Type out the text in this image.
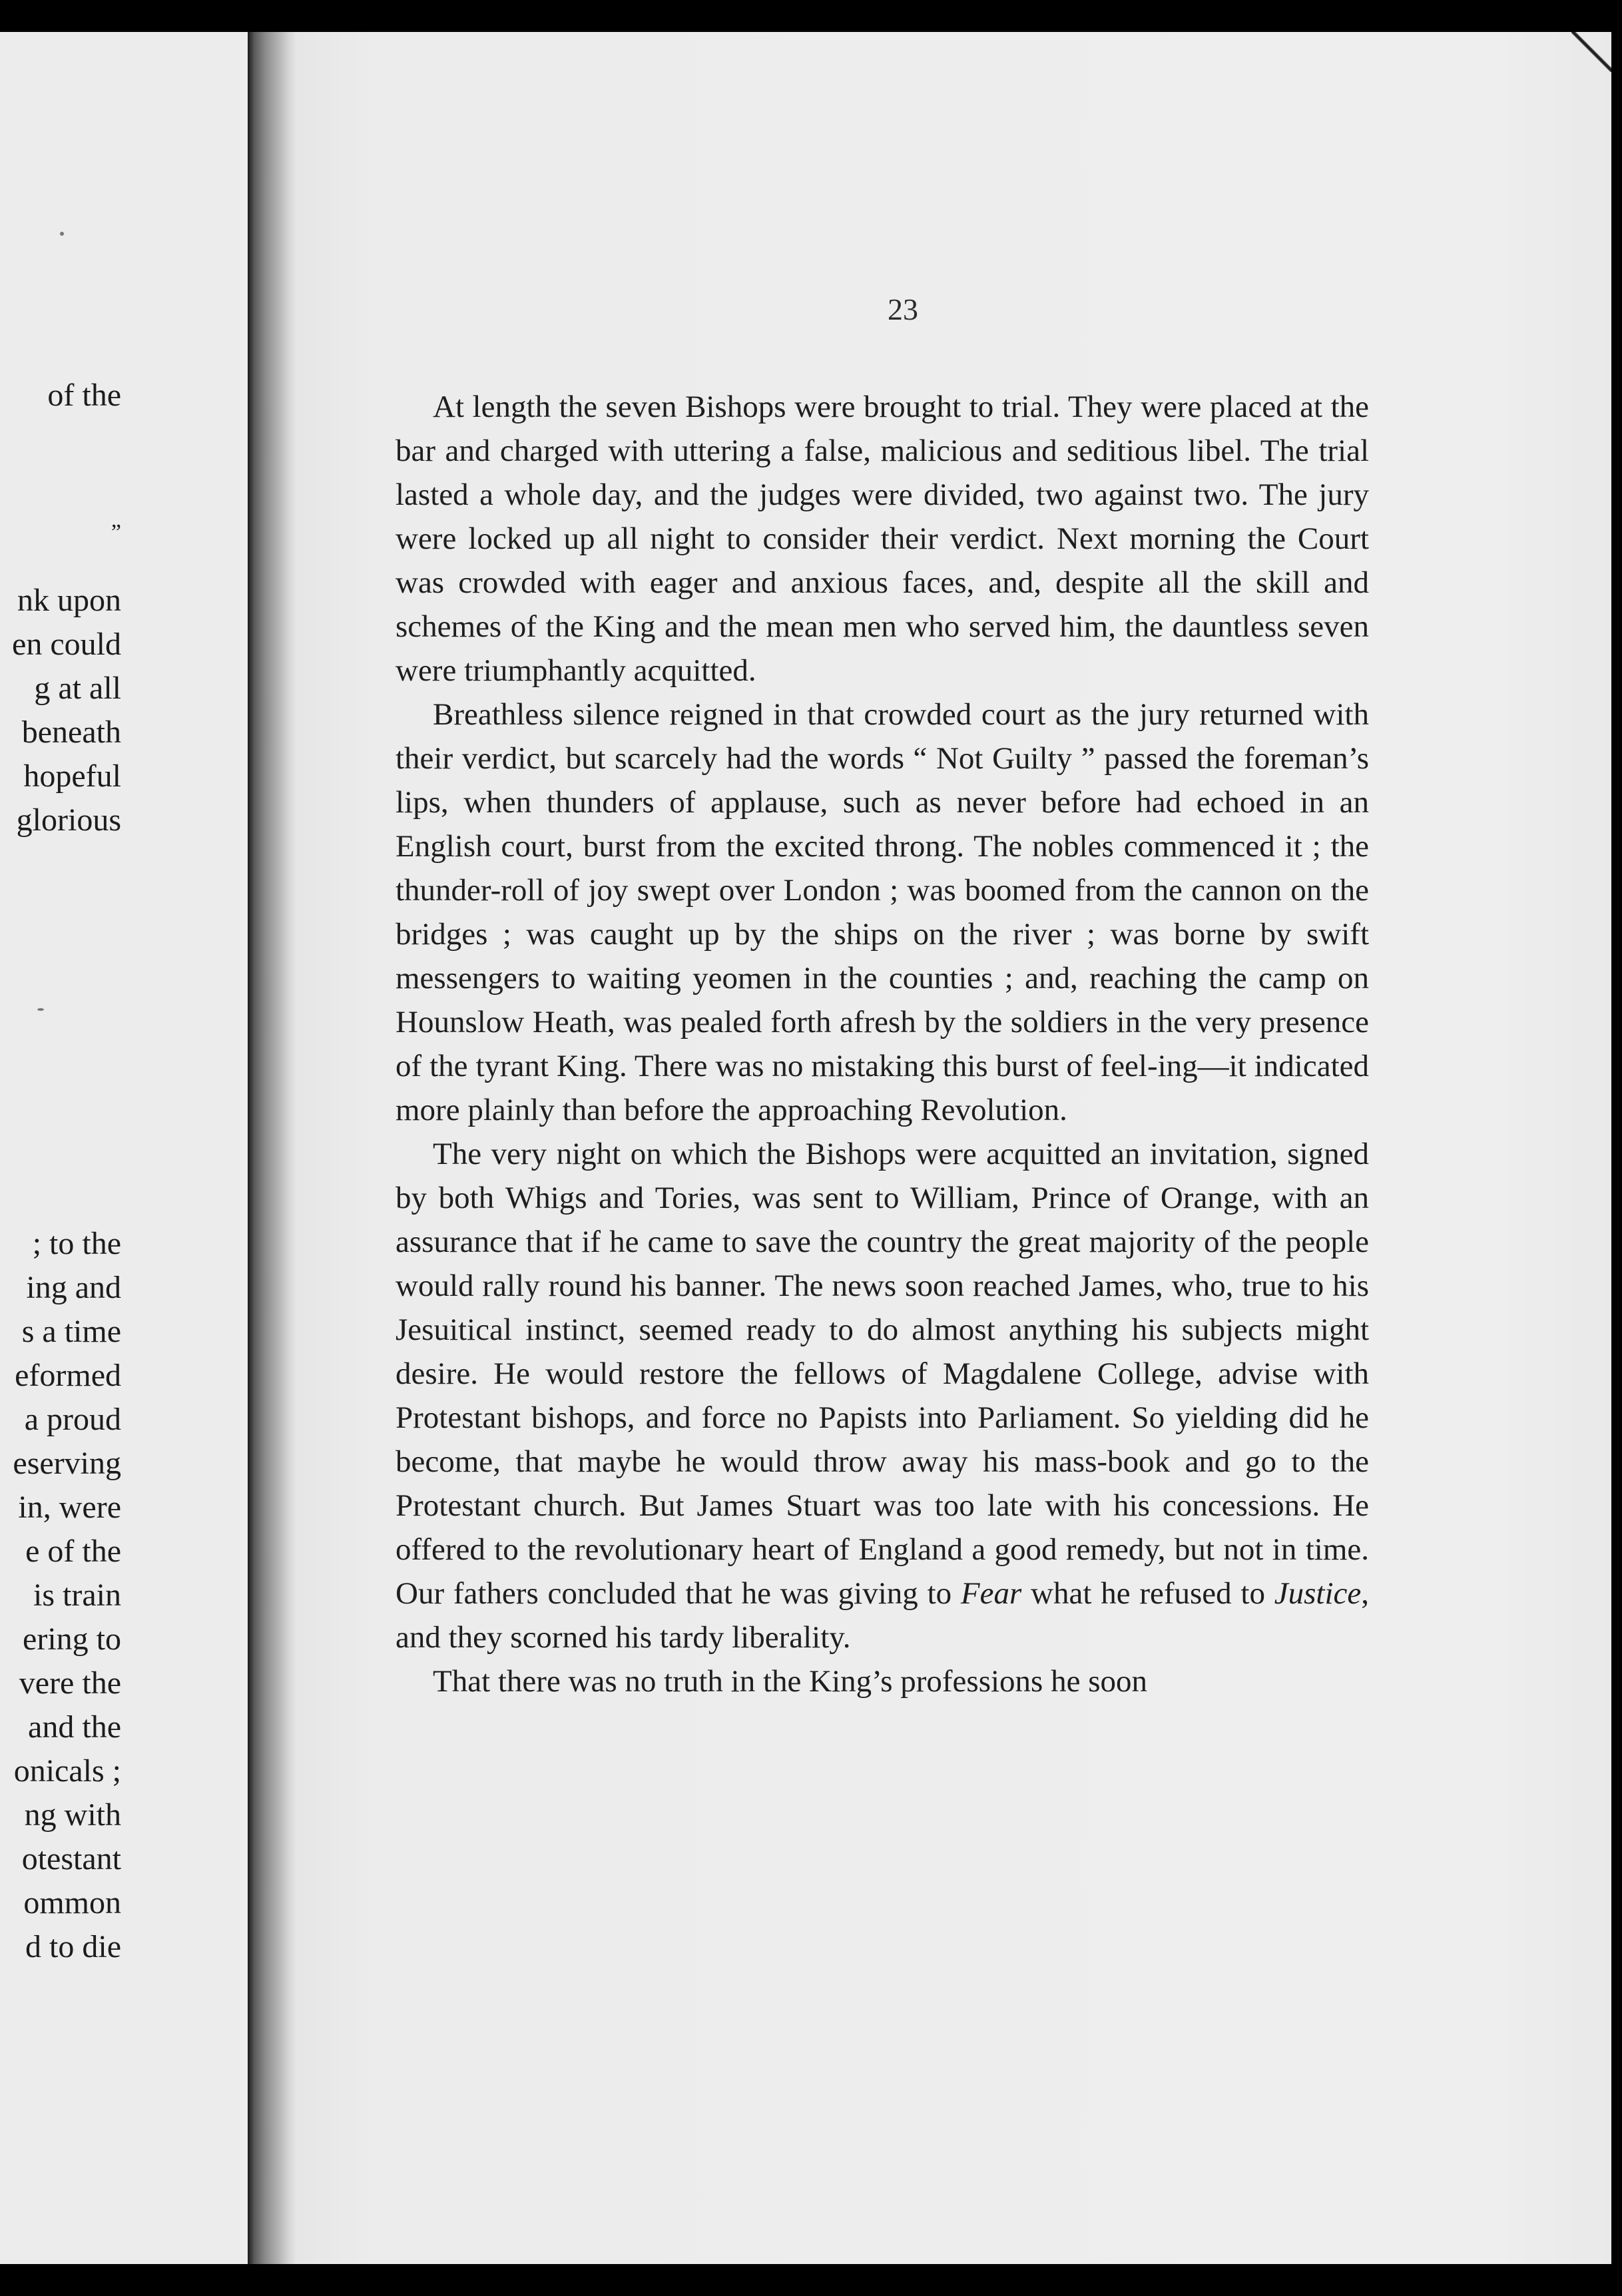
of the
”
nk upon
en could
g at all
beneath
hopeful
glorious
; to the
ing and
s a time
eformed
a proud
eserving
in, were
e of the
is train
ering to
vere the
and the
onicals ;
ng with
otestant
ommon
d to die
23

At length the seven Bishops were brought to trial. They were placed at the bar and charged with uttering a false, malicious and seditious libel. The trial lasted a whole day, and the judges were divided, two against two. The jury were locked up all night to consider their verdict. Next morning the Court was crowded with eager and anxious faces, and, despite all the skill and schemes of the King and the mean men who served him, the dauntless seven were triumphantly acquitted.

Breathless silence reigned in that crowded court as the jury returned with their verdict, but scarcely had the words “ Not Guilty ” passed the foreman’s lips, when thunders of applause, such as never before had echoed in an English court, burst from the excited throng. The nobles commenced it ; the thunder-roll of joy swept over London ; was boomed from the cannon on the bridges ; was caught up by the ships on the river ; was borne by swift messengers to waiting yeomen in the counties ; and, reaching the camp on Hounslow Heath, was pealed forth afresh by the soldiers in the very presence of the tyrant King. There was no mistaking this burst of feel-ing—it indicated more plainly than before the approaching Revolution.

The very night on which the Bishops were acquitted an invitation, signed by both Whigs and Tories, was sent to William, Prince of Orange, with an assurance that if he came to save the country the great majority of the people would rally round his banner. The news soon reached James, who, true to his Jesuitical instinct, seemed ready to do almost anything his subjects might desire. He would restore the fellows of Magdalene College, advise with Protestant bishops, and force no Papists into Parliament. So yielding did he become, that maybe he would throw away his mass-book and go to the Protestant church. But James Stuart was too late with his concessions. He offered to the revolutionary heart of England a good remedy, but not in time. Our fathers concluded that he was giving to Fear what he refused to Justice, and they scorned his tardy liberality.

That there was no truth in the King’s professions he soon
